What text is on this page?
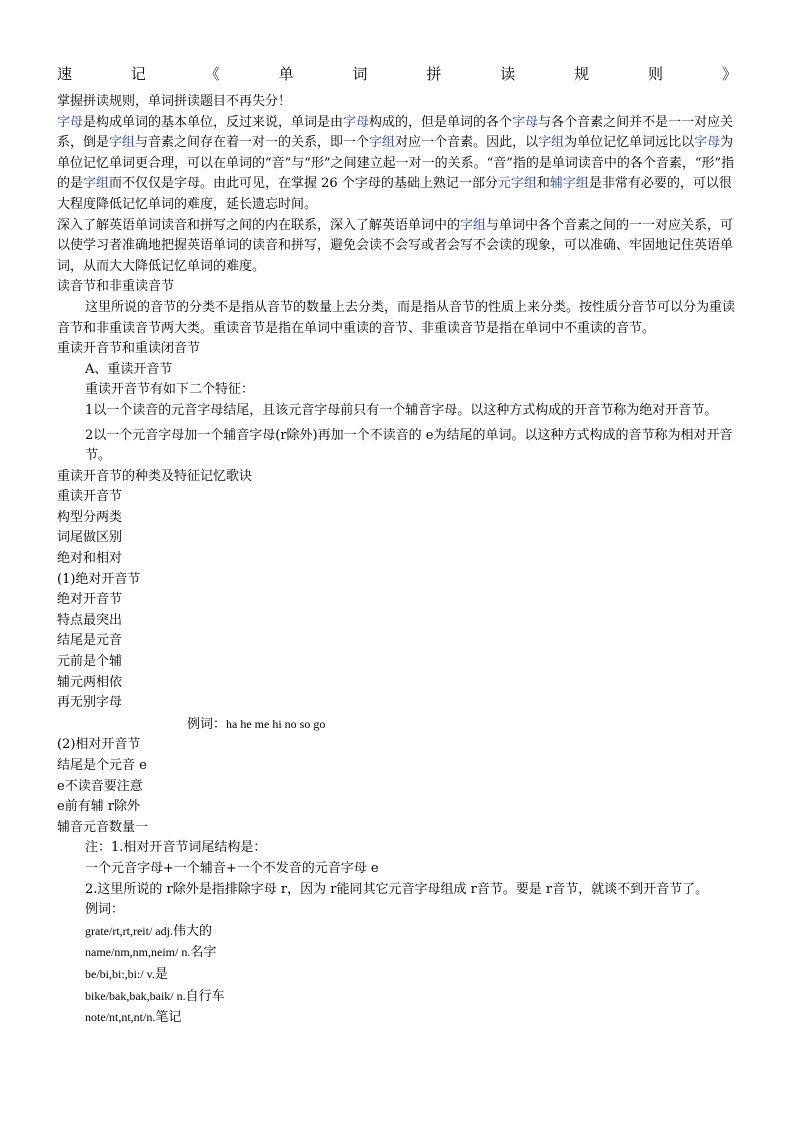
速	记	《	单	词	拼	读	规	则	》

掌握拼读规则，单词拼读题目不再失分！

字母是构成单词的基本单位，反过来说，单词是由字母构成的，但是单词的各个字母与各个音素之间并不是一一对应关系，倒是字组与音素之间存在着一对一的关系，即一个字组对应一个音素。因此，以字组为单位记忆单词远比以字母为单位记忆单词更合理，可以在单词的“音”与“形”之间建立起一对一的关系。“音”指的是单词读音中的各个音素，“形”指的是字组而不仅仅是字母。由此可见，在掌握 26 个字母的基础上熟记一部分元字组和辅字组是非常有必要的，可以很大程度降低记忆单词的难度，延长遗忘时间。

深入了解英语单词读音和拼写之间的内在联系，深入了解英语单词中的字组与单词中各个音素之间的一一对应关系，可以使学习者准确地把握英语单词的读音和拼写，避免会读不会写或者会写不会读的现象，可以准确、牢固地记住英语单词，从而大大降低记忆单词的难度。

读音节和非重读音节

这里所说的音节的分类不是指从音节的数量上去分类，而是指从音节的性质上来分类。按性质分音节可以分为重读音节和非重读音节两大类。重读音节是指在单词中重读的音节、非重读音节是指在单词中不重读的音节。

重读开音节和重读闭音节

A、重读开音节

重读开音节有如下二个特征：

1以一个读音的元音字母结尾，且该元音字母前只有一个辅音字母。以这种方式构成的开音节称为绝对开音节。

2以一个元音字母加一个辅音字母(r除外)再加一个不读音的 e为结尾的单词。以这种方式构成的音节称为相对开音节。

重读开音节的种类及特征记忆歌诀

重读开音节

构型分两类

词尾做区别

绝对和相对

(1)绝对开音节

绝对开音节

特点最突出

结尾是元音

元前是个辅

辅元两相依

再无别字母

例词：ha he me hi no so go

(2)相对开音节

结尾是个元音 e

e不读音要注意

e前有辅 r除外

辅音元音数量一

注：1.相对开音节词尾结构是：

一个元音字母+一个辅音+一个不发音的元音字母 e

2.这里所说的 r除外是指排除字母 r，因为 r能同其它元音字母组成 r音节。要是 r音节，就谈不到开音节了。

例词：

grate/rt,rt,reit/ adj.伟大的

name/nm,nm,neim/ n.名字

be/bi,bi:,bi:/ v.是

bike/bak,bak,baik/ n.自行车

note/nt,nt,nt/n.笔记
